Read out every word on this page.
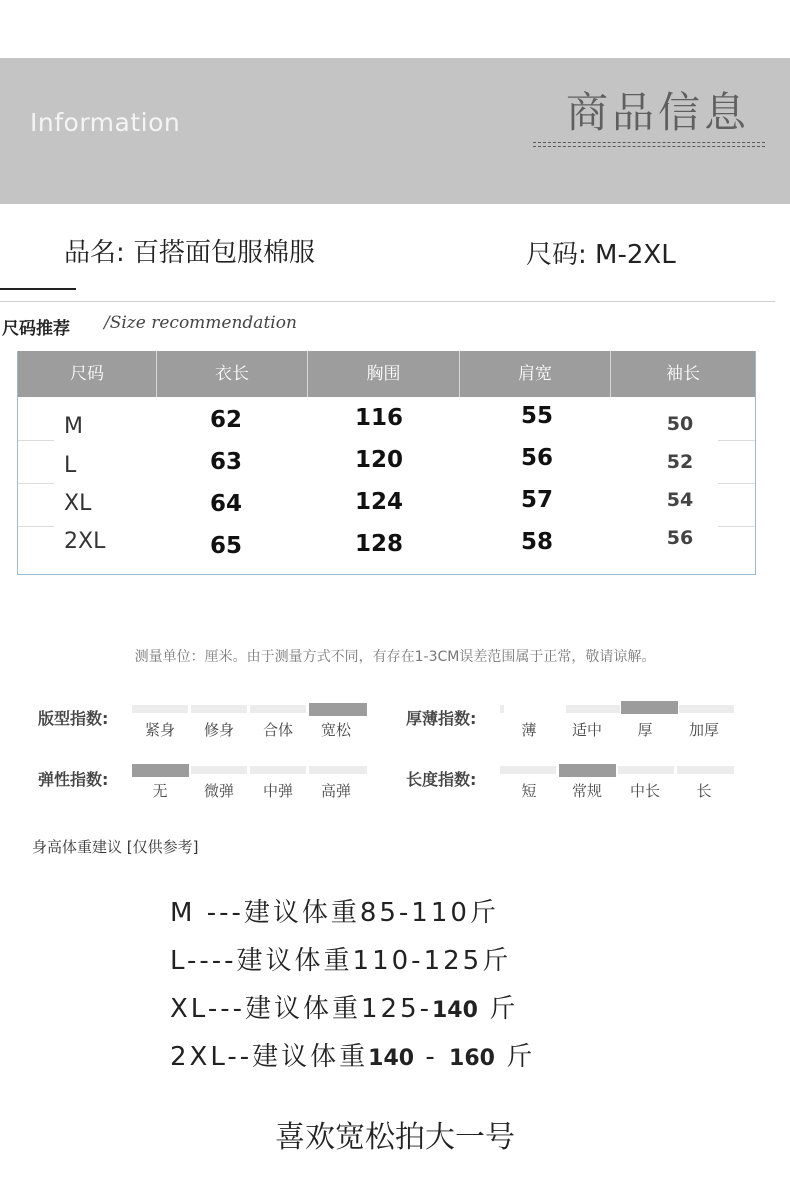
Information	商品信息
品名: 百搭面包服棉服	尺码: M-2XL
尺码推荐 /Size recommendation
尺码	衣长	胸围	肩宽	袖长
M	62	116	55	50
L	63	120	56	52
XL	64	124	57	54
2XL	65	128	58	56
测量单位：厘米。由于测量方式不同，有存在1-3CM误差范围属于正常，敬请谅解。
版型指数:
紧身	修身	合体	宽松
厚薄指数:
薄	适中	厚	加厚
弹性指数:
无	微弹	中弹	高弹
长度指数:
短	常规	中长	长
身高体重建议 [仅供参考]
M ---建议体重85-110斤
L----建议体重110-125斤
XL---建议体重125-140 斤
2XL--建议体重140 - 160 斤
喜欢宽松拍大一号
